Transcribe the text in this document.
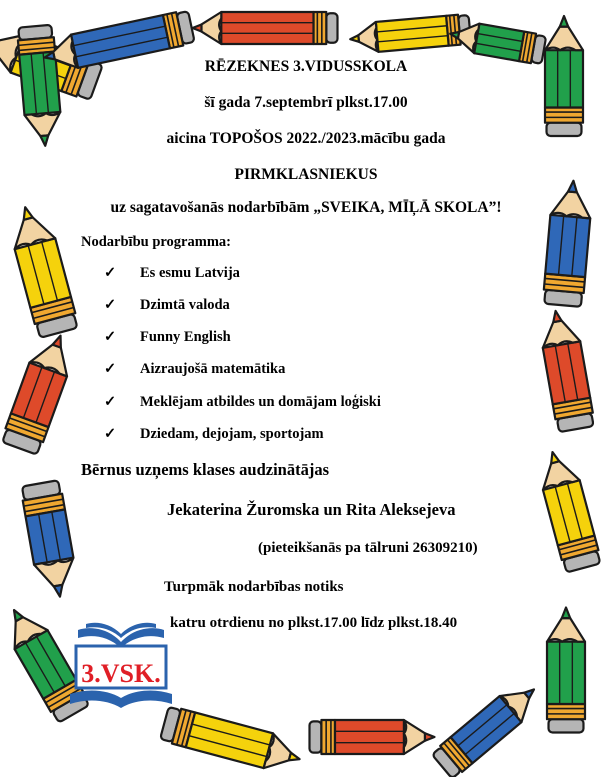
RĒZEKNES 3.VIDUSSKOLA

šī gada 7.septembrī plkst.17.00

aicina TOPOŠOS 2022./2023.mācību gada

PIRMKLASNIEKUS

uz sagatavošanās nodarbībām „SVEIKA, MĪĻĀ SKOLA”!

Nodarbību programma:

✓ Es esmu Latvija
✓ Dzimtā valoda
✓ Funny English
✓ Aizraujošā matemātika
✓ Meklējam atbildes un domājam loģiski
✓ Dziedam, dejojam, sportojam

Bērnus uzņems klases audzinātājas

Jekaterina Žuromska un Rita Aleksejeva

(pieteikšanās pa tālruni 26309210)

Turpmāk nodarbības notiks

katru otrdienu no plkst.17.00 līdz plkst.18.40

3.VSK.
